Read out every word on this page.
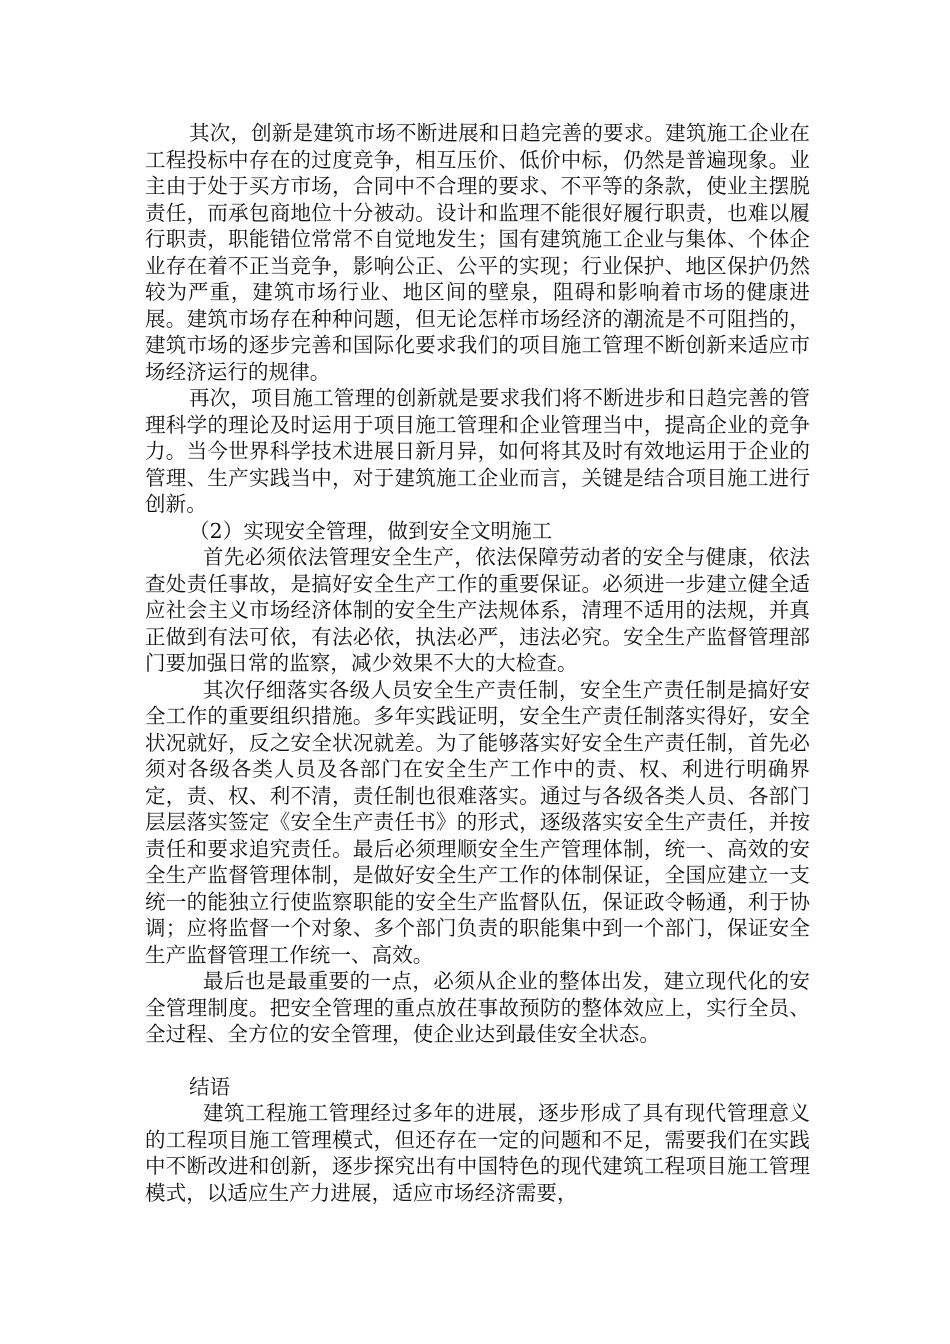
其次，创新是建筑市场不断进展和日趋完善的要求。建筑施工企业在工程投标中存在的过度竞争，相互压价、低价中标，仍然是普遍现象。业主由于处于买方市场，合同中不合理的要求、不平等的条款，使业主摆脱责任，而承包商地位十分被动。设计和监理不能很好履行职责，也难以履行职责，职能错位常常不自觉地发生；国有建筑施工企业与集体、个体企业存在着不正当竞争，影响公正、公平的实现；行业保护、地区保护仍然较为严重，建筑市场行业、地区间的壁泉，阻碍和影响着市场的健康进展。建筑市场存在种种问题，但无论怎样市场经济的潮流是不可阻挡的，建筑市场的逐步完善和国际化要求我们的项目施工管理不断创新来适应市场经济运行的规律。

再次，项目施工管理的创新就是要求我们将不断进步和日趋完善的管理科学的理论及时运用于项目施工管理和企业管理当中，提高企业的竞争力。当今世界科学技术进展日新月异，如何将其及时有效地运用于企业的管理、生产实践当中，对于建筑施工企业而言，关键是结合项目施工进行创新。

（2）实现安全管理，做到安全文明施工

首先必须依法管理安全生产，依法保障劳动者的安全与健康，依法查处责任事故，是搞好安全生产工作的重要保证。必须进一步建立健全适应社会主义市场经济体制的安全生产法规体系，清理不适用的法规，并真正做到有法可依，有法必依，执法必严，违法必究。安全生产监督管理部门要加强日常的监察，减少效果不大的大检查。

其次仔细落实各级人员安全生产责任制，安全生产责任制是搞好安全工作的重要组织措施。多年实践证明，安全生产责任制落实得好，安全状况就好，反之安全状况就差。为了能够落实好安全生产责任制，首先必须对各级各类人员及各部门在安全生产工作中的责、权、利进行明确界定，责、权、利不清，责任制也很难落实。通过与各级各类人员、各部门层层落实签定《安全生产责任书》的形式，逐级落实安全生产责任，并按责任和要求追究责任。最后必须理顺安全生产管理体制，统一、高效的安全生产监督管理体制，是做好安全生产工作的体制保证，全国应建立一支统一的能独立行使监察职能的安全生产监督队伍，保证政令畅通，利于协调；应将监督一个对象、多个部门负责的职能集中到一个部门，保证安全生产监督管理工作统一、高效。

最后也是最重要的一点，必须从企业的整体出发，建立现代化的安全管理制度。把安全管理的重点放茌事故预防的整体效应上，实行全员、全过程、全方位的安全管理，使企业达到最佳安全状态。

结语

建筑工程施工管理经过多年的进展，逐步形成了具有现代管理意义的工程项目施工管理模式，但还存在一定的问题和不足，需要我们在实践中不断改进和创新，逐步探究出有中国特色的现代建筑工程项目施工管理模式，以适应生产力进展，适应市场经济需要，
